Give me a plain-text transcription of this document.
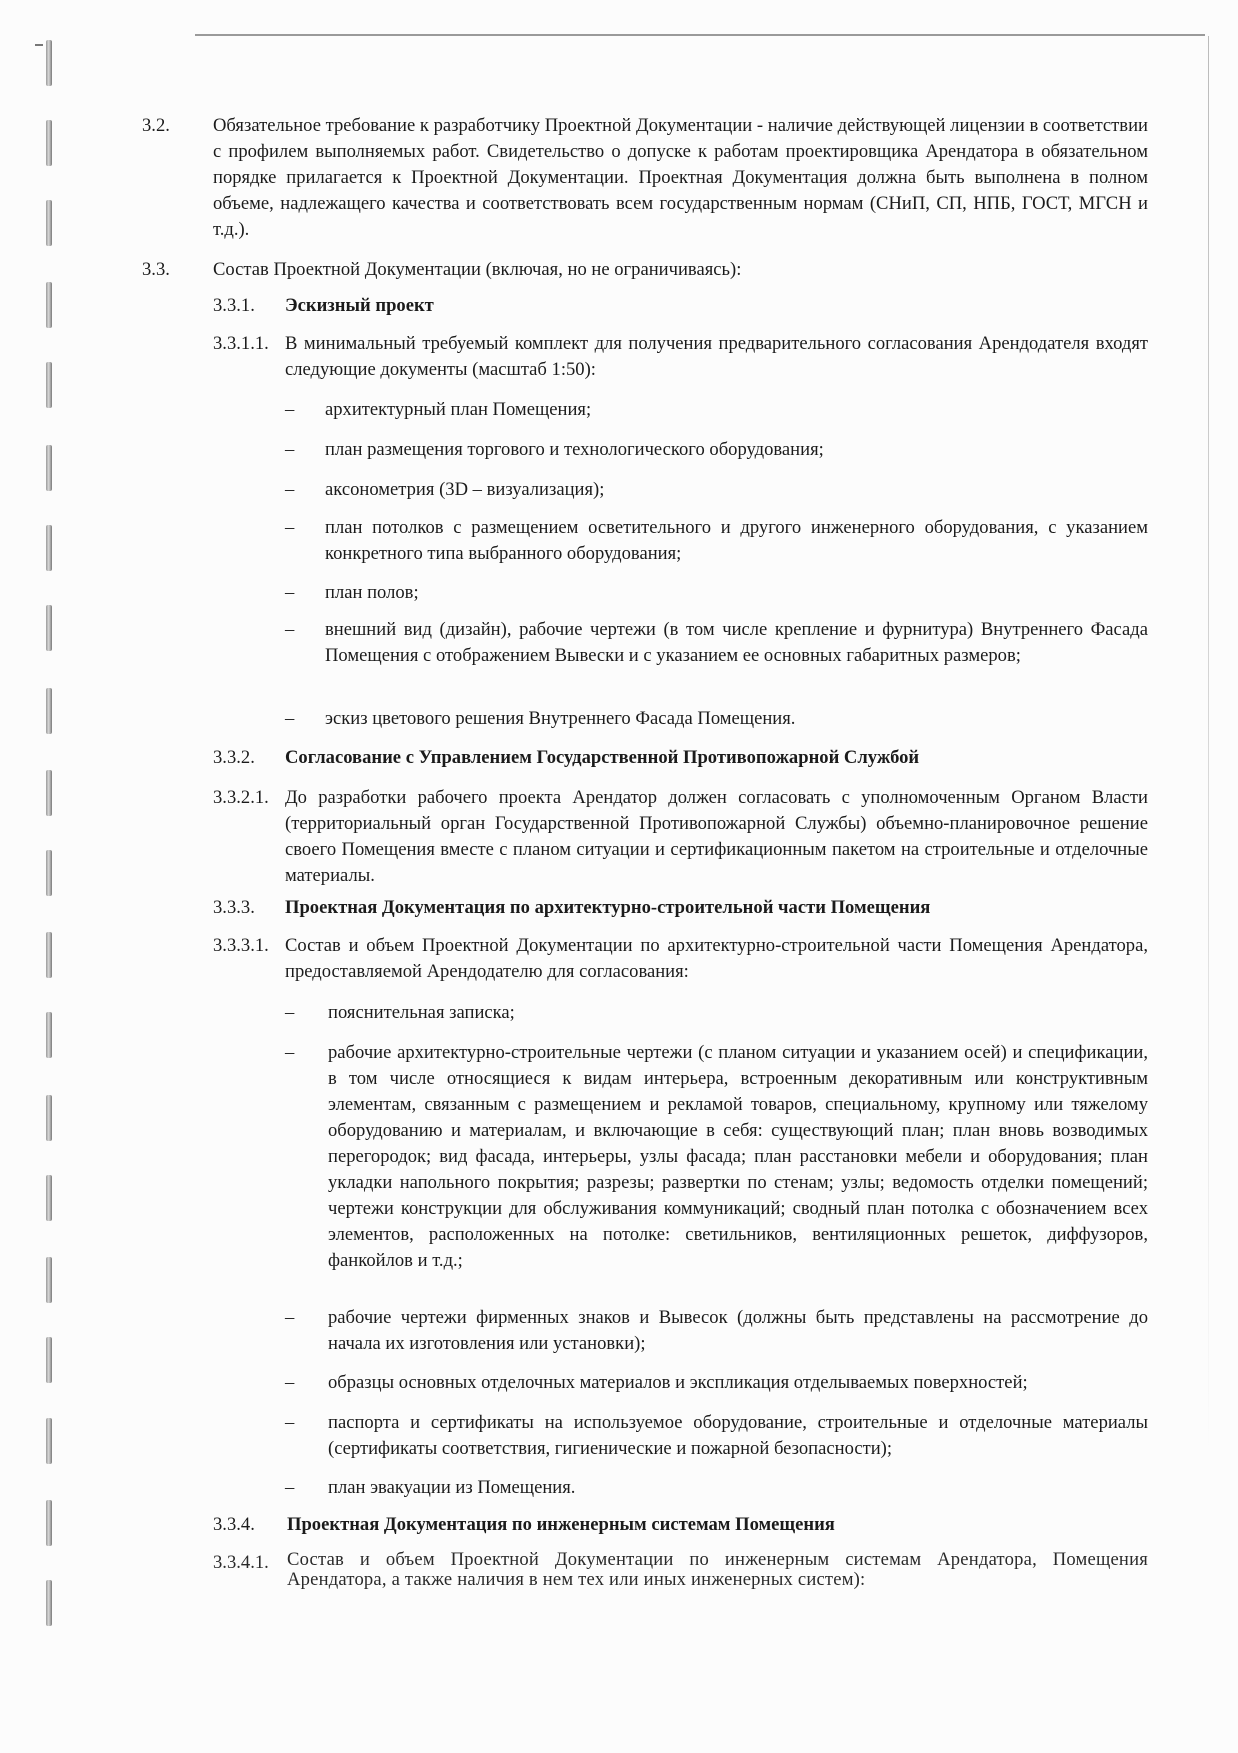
3.2. Обязательное требование к разработчику Проектной Документации - наличие действующей лицензии в соответствии с профилем выполняемых работ. Свидетельство о допуске к работам проектировщика Арендатора в обязательном порядке прилагается к Проектной Документации. Проектная Документация должна быть выполнена в полном объеме, надлежащего качества и соответствовать всем государственным нормам (СНиП, СП, НПБ, ГОСТ, МГСН и т.д.).
3.3. Состав Проектной Документации (включая, но не ограничиваясь):
3.3.1. Эскизный проект
3.3.1.1. В минимальный требуемый комплект для получения предварительного согласования Арендодателя входят следующие документы (масштаб 1:50):
– архитектурный план Помещения;
– план размещения торгового и технологического оборудования;
– аксонометрия (3D – визуализация);
– план потолков с размещением осветительного и другого инженерного оборудования, с указанием конкретного типа выбранного оборудования;
– план полов;
– внешний вид (дизайн), рабочие чертежи (в том числе крепление и фурнитура) Внутреннего Фасада Помещения с отображением Вывески и с указанием ее основных габаритных размеров;
– эскиз цветового решения Внутреннего Фасада Помещения.
3.3.2. Согласование с Управлением Государственной Противопожарной Службой
3.3.2.1. До разработки рабочего проекта Арендатор должен согласовать с уполномоченным Органом Власти (территориальный орган Государственной Противопожарной Службы) объемно-планировочное решение своего Помещения вместе с планом ситуации и сертификационным пакетом на строительные и отделочные материалы.
3.3.3. Проектная Документация по архитектурно-строительной части Помещения
3.3.3.1. Состав и объем Проектной Документации по архитектурно-строительной части Помещения Арендатора, предоставляемой Арендодателю для согласования:
– пояснительная записка;
– рабочие архитектурно-строительные чертежи (с планом ситуации и указанием осей) и спецификации, в том числе относящиеся к видам интерьера, встроенным декоративным или конструктивным элементам, связанным с размещением и рекламой товаров, специальному, крупному или тяжелому оборудованию и материалам, и включающие в себя: существующий план; план вновь возводимых перегородок; вид фасада, интерьеры, узлы фасада; план расстановки мебели и оборудования; план укладки напольного покрытия; разрезы; развертки по стенам; узлы; ведомость отделки помещений; чертежи конструкции для обслуживания коммуникаций; сводный план потолка с обозначением всех элементов, расположенных на потолке: светильников, вентиляционных решеток, диффузоров, фанкойлов и т.д.;
– рабочие чертежи фирменных знаков и Вывесок (должны быть представлены на рассмотрение до начала их изготовления или установки);
– образцы основных отделочных материалов и экспликация отделываемых поверхностей;
– паспорта и сертификаты на используемое оборудование, строительные и отделочные материалы (сертификаты соответствия, гигиенические и пожарной безопасности);
– план эвакуации из Помещения.
3.3.4. Проектная Документация по инженерным системам Помещения
3.3.4.1. Состав и объем Проектной Документации по инженерным системам Арендатора, Помещения Арендатора, а также наличия в нем тех или иных инженерных систем):
